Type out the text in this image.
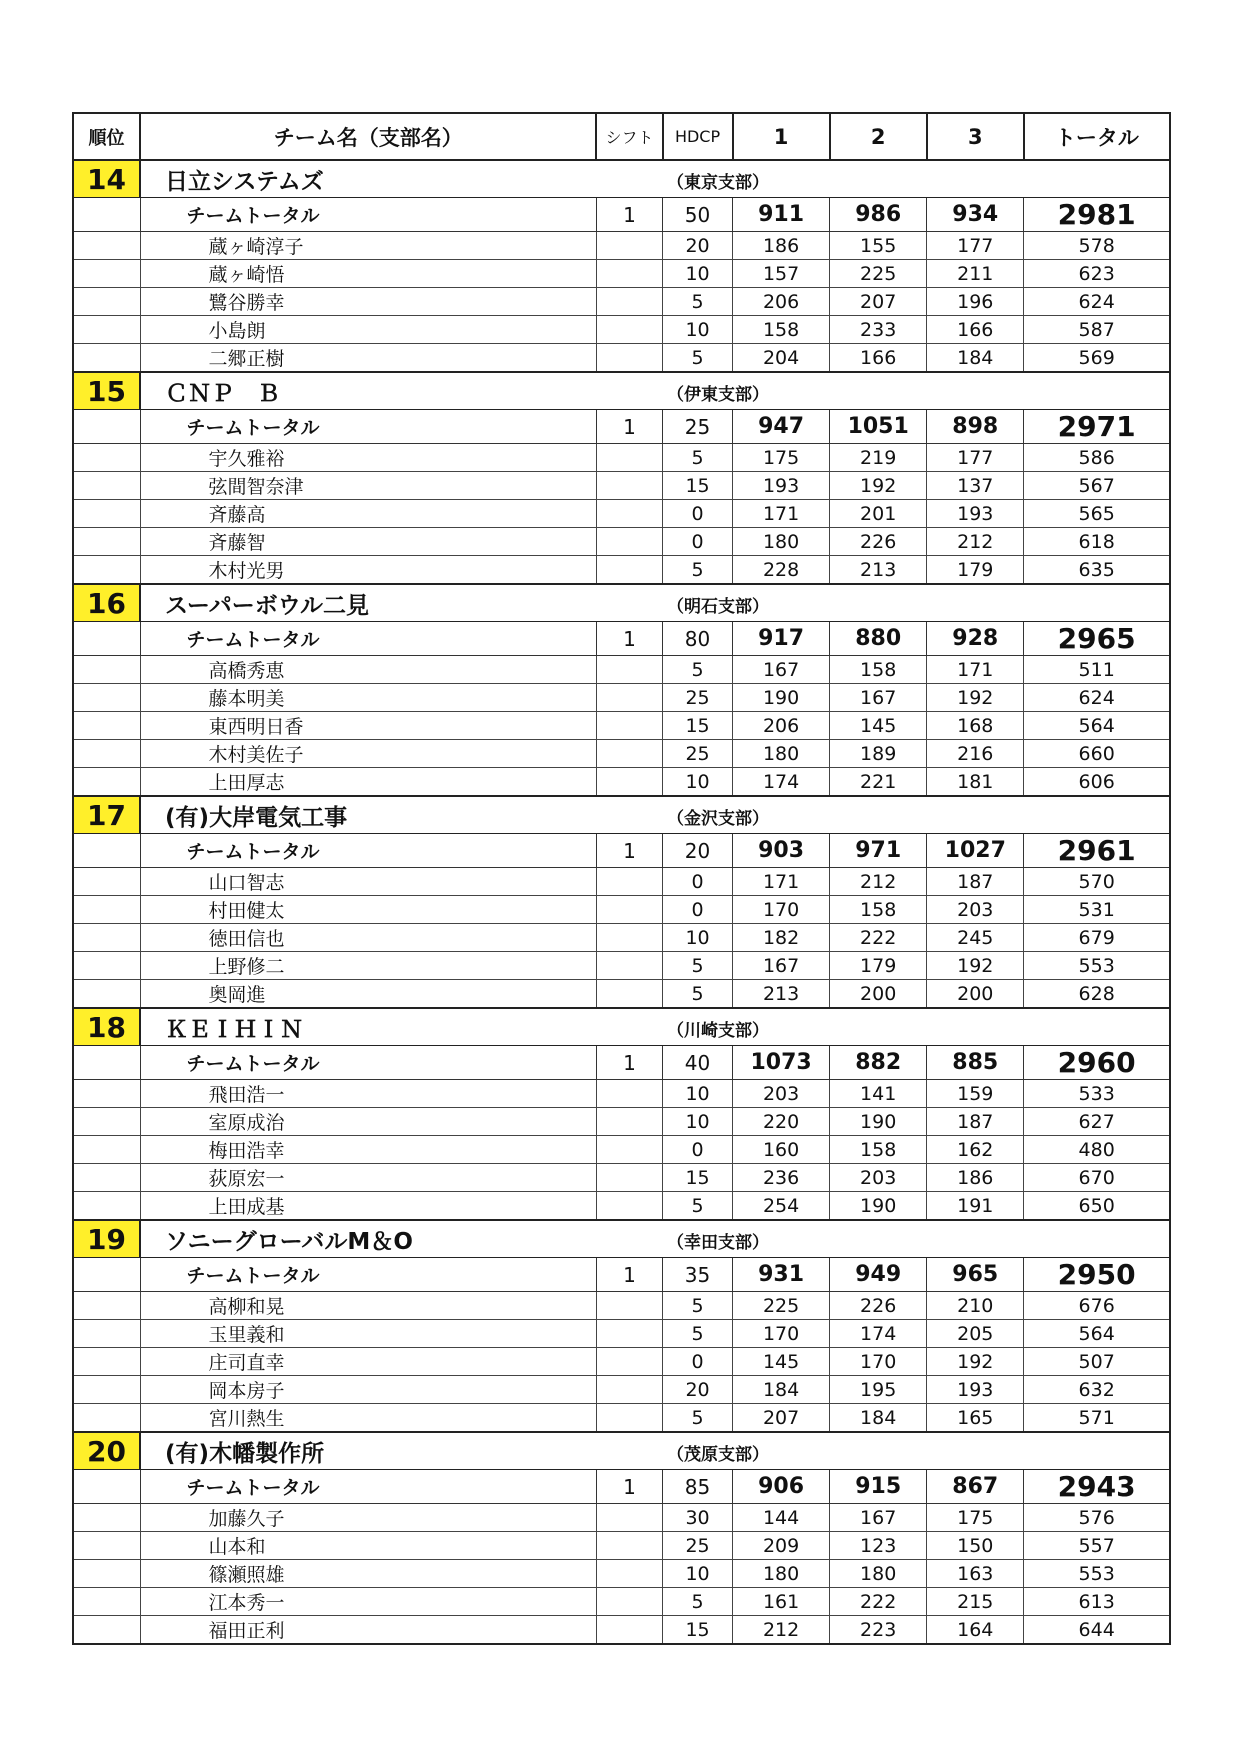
順位	チーム名（支部名）	シフト	HDCP	1	2	3	トータル
14	日立システムズ （東京支部）						

	チームトータル	1	50	911	986	934	2981
	蔵ヶ崎淳子		20	186	155	177	578
	蔵ヶ崎悟		10	157	225	211	623
	鷺谷勝幸		5	206	207	196	624
	小島朗		10	158	233	166	587
	二郷正樹		5	204	166	184	569
15	ＣＮＰ　Ｂ （伊東支部）						

	チームトータル	1	25	947	1051	898	2971
	宇久雅裕		5	175	219	177	586
	弦間智奈津		15	193	192	137	567
	斉藤高		0	171	201	193	565
	斉藤智		0	180	226	212	618
	木村光男		5	228	213	179	635
16	スーパーボウル二見 （明石支部）						

	チームトータル	1	80	917	880	928	2965
	高橋秀恵		5	167	158	171	511
	藤本明美		25	190	167	192	624
	東西明日香		15	206	145	168	564
	木村美佐子		25	180	189	216	660
	上田厚志		10	174	221	181	606
17	(有)大岸電気工事 （金沢支部）						

	チームトータル	1	20	903	971	1027	2961
	山口智志		0	171	212	187	570
	村田健太		0	170	158	203	531
	徳田信也		10	182	222	245	679
	上野修二		5	167	179	192	553
	奥岡進		5	213	200	200	628
18	ＫＥＩＨＩＮ （川崎支部）						

	チームトータル	1	40	1073	882	885	2960
	飛田浩一		10	203	141	159	533
	室原成治		10	220	190	187	627
	梅田浩幸		0	160	158	162	480
	荻原宏一		15	236	203	186	670
	上田成基		5	254	190	191	650
19	ソニーグローバルM＆O （幸田支部）						

	チームトータル	1	35	931	949	965	2950
	高柳和晃		5	225	226	210	676
	玉里義和		5	170	174	205	564
	庄司直幸		0	145	170	192	507
	岡本房子		20	184	195	193	632
	宮川熱生		5	207	184	165	571
20	(有)木幡製作所 （茂原支部）						

	チームトータル	1	85	906	915	867	2943
	加藤久子		30	144	167	175	576
	山本和		25	209	123	150	557
	篠瀬照雄		10	180	180	163	553
	江本秀一		5	161	222	215	613
	福田正利		15	212	223	164	644
